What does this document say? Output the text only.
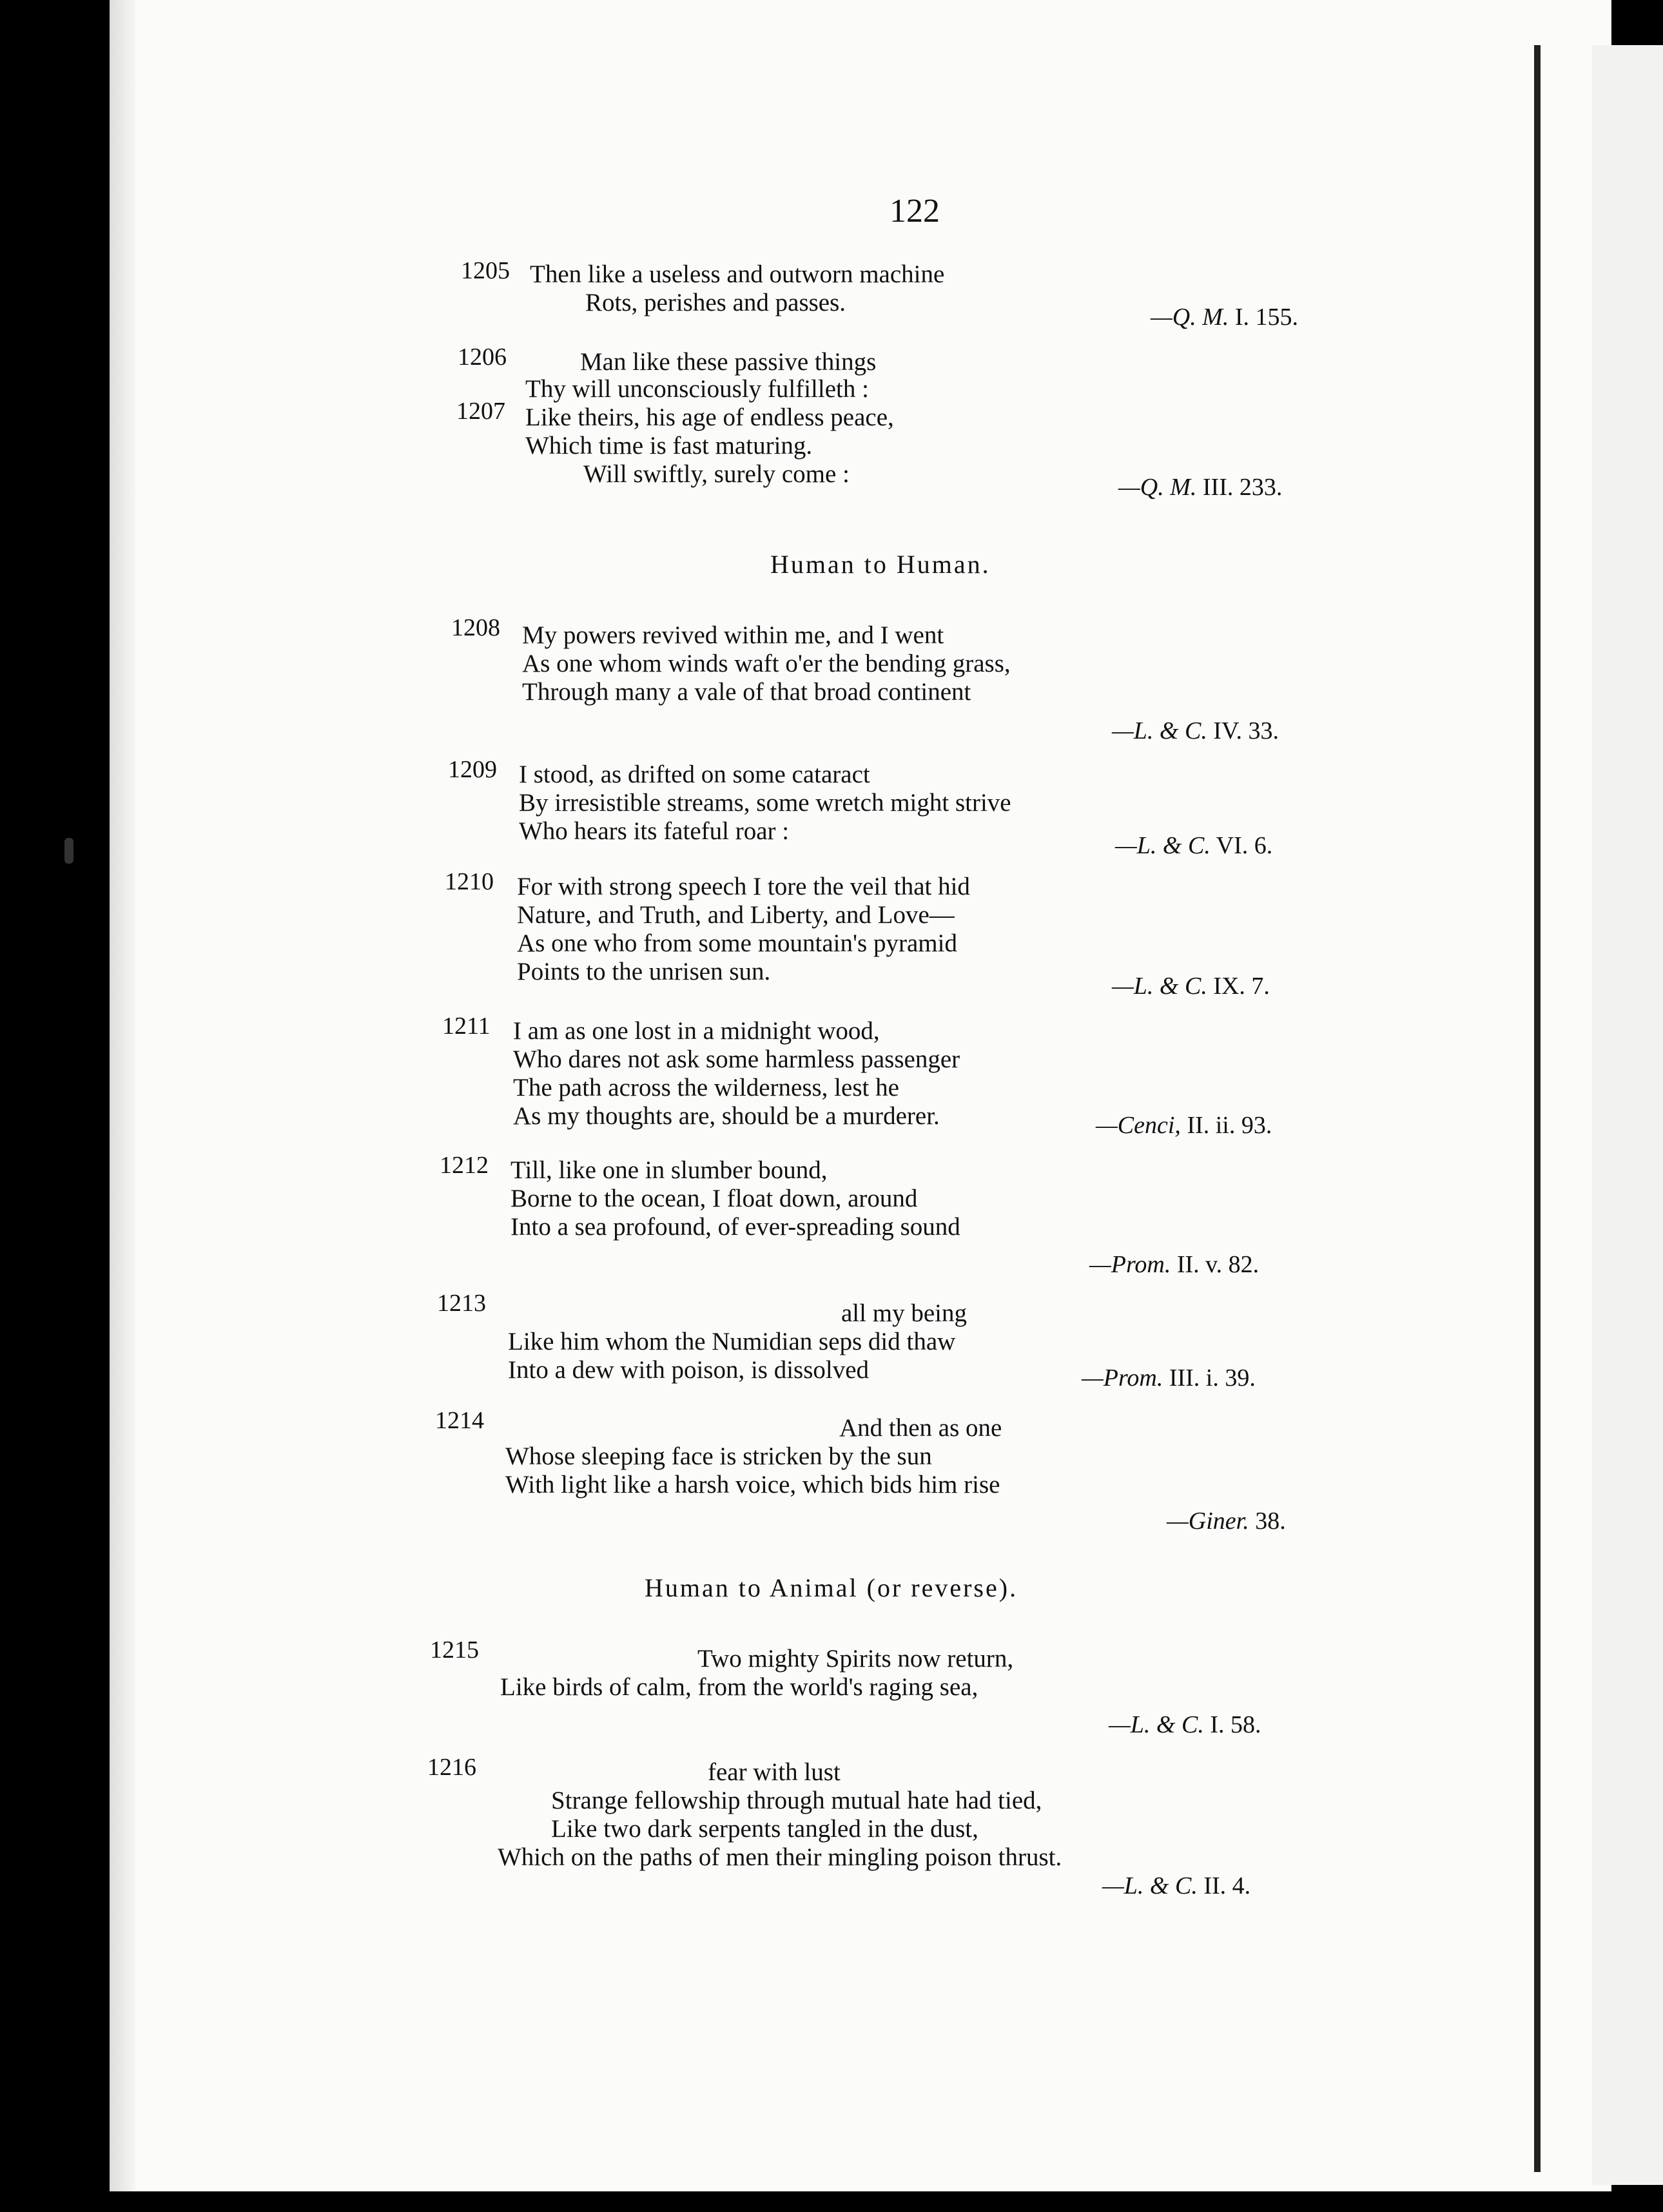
122
1205 Then like a useless and outworn machine
Rots, perishes and passes.
—Q. M. I. 155.
1206	Man like these passive things
Thy will unconsciously fulfilleth :
1207 Like theirs, his age of endless peace,
Which time is fast maturing.
Will swiftly, surely come :	—Q. M. III. 233.
Human to Human.
1208 My powers revived within me, and I went
As one whom winds waft o'er the bending grass,
Through many a vale of that broad continent
—L. & C. IV. 33.
1209 I stood, as drifted on some cataract
By irresistible streams, some wretch might strive
Who hears its fateful roar :
—L. & C. VI. 6.
1210 For with strong speech I tore the veil that hid
Nature, and Truth, and Liberty, and Love—
As one who from some mountain's pyramid
Points to the unrisen sun.
—L. & C. IX. 7.
1211 I am as one lost in a midnight wood,
Who dares not ask some harmless passenger
The path across the wilderness, lest he
As my thoughts are, should be a murderer.	—Cenci, II. ii. 93.
1212 Till, like one in slumber bound,
Borne to the ocean, I float down, around
Into a sea profound, of ever-spreading sound
—Prom. II. v. 82.
1213	all my being
Like him whom the Numidian seps did thaw
Into a dew with poison, is dissolved	—Prom. III. i. 39.
1214	And then as one
Whose sleeping face is stricken by the sun
With light like a harsh voice, which bids him rise
—Giner. 38.
Human to Animal (or reverse).
1215	Two mighty Spirits now return,
Like birds of calm, from the world's raging sea,
—L. & C. I. 58.
1216	fear with lust
Strange fellowship through mutual hate had tied,
Like two dark serpents tangled in the dust,
Which on the paths of men their mingling poison thrust.
—L. & C. II. 4.
